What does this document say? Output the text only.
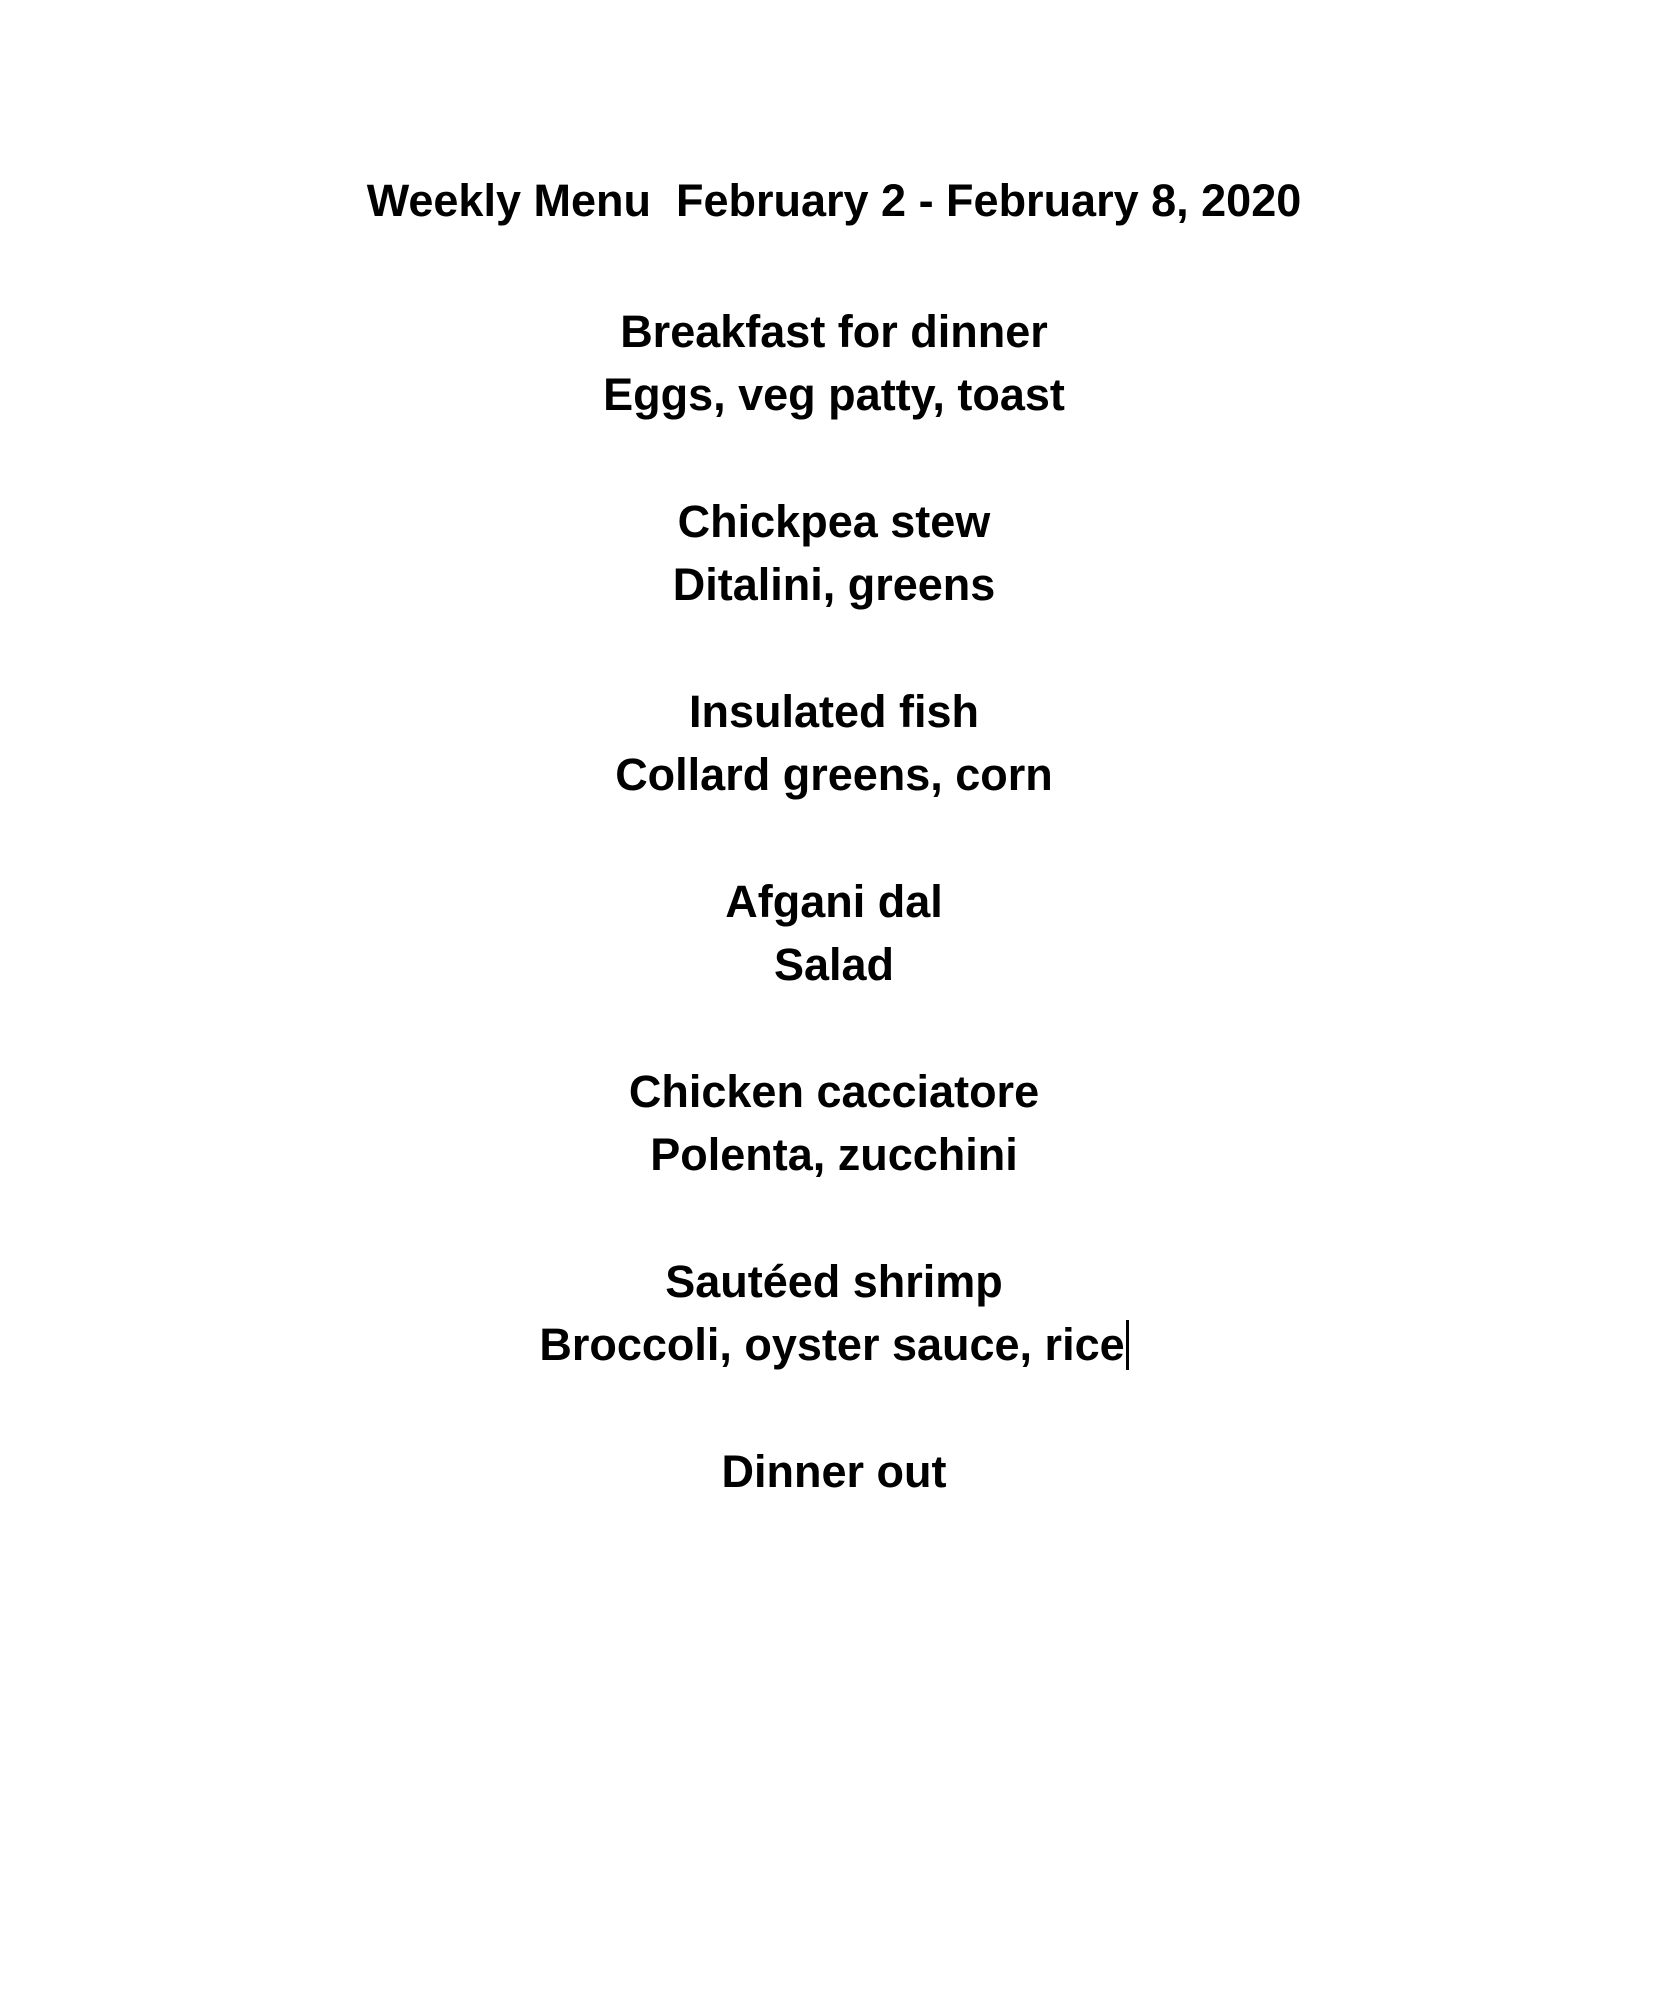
Weekly Menu  February 2 - February 8, 2020
Breakfast for dinner
Eggs, veg patty, toast
Chickpea stew
Ditalini, greens
Insulated fish
Collard greens, corn
Afgani dal
Salad
Chicken cacciatore
Polenta, zucchini
Sautéed shrimp
Broccoli, oyster sauce, rice
Dinner out
